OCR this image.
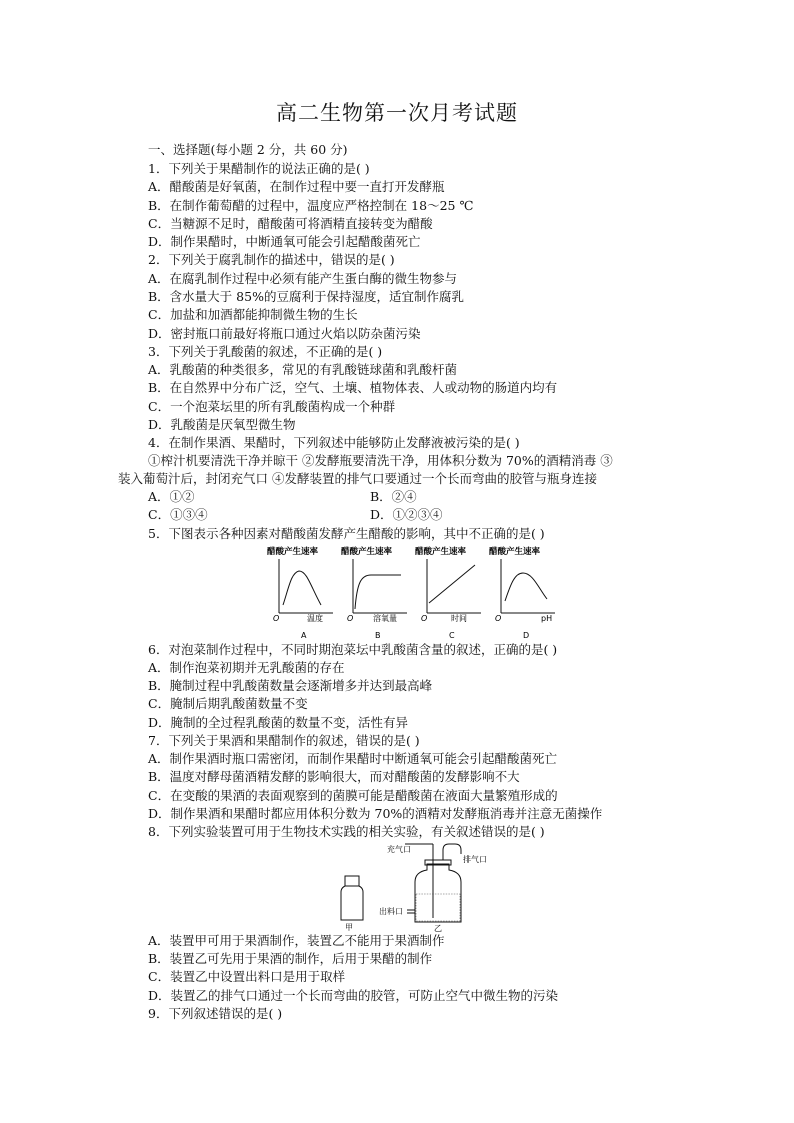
高二生物第一次月考试题
一、选择题(每小题 2 分，共 60 分)
1．下列关于果醋制作的说法正确的是( )
A．醋酸菌是好氧菌，在制作过程中要一直打开发酵瓶
B．在制作葡萄醋的过程中，温度应严格控制在 18～25 ℃
C．当糖源不足时，醋酸菌可将酒精直接转变为醋酸
D．制作果醋时，中断通氧可能会引起醋酸菌死亡
2．下列关于腐乳制作的描述中，错误的是( )
A．在腐乳制作过程中必须有能产生蛋白酶的微生物参与
B．含水量大于 85%的豆腐利于保持湿度，适宜制作腐乳
C．加盐和加酒都能抑制微生物的生长
D．密封瓶口前最好将瓶口通过火焰以防杂菌污染
3．下列关于乳酸菌的叙述，不正确的是( )
A．乳酸菌的种类很多，常见的有乳酸链球菌和乳酸杆菌
B．在自然界中分布广泛，空气、土壤、植物体表、人或动物的肠道内均有
C．一个泡菜坛里的所有乳酸菌构成一个种群
D．乳酸菌是厌氧型微生物
4．在制作果酒、果醋时，下列叙述中能够防止发酵液被污染的是( )
①榨汁机要清洗干净并晾干 ②发酵瓶要清洗干净，用体积分数为 70%的酒精消毒 ③
装入葡萄汁后，封闭充气口 ④发酵装置的排气口要通过一个长而弯曲的胶管与瓶身连接
A．①②	B．②④
C．①③④	D．①②③④
5．下图表示各种因素对醋酸菌发酵产生醋酸的影响，其中不正确的是( )
醋酸产生速率
O	温度
A
醋酸产生速率
O 溶氧量
B
醋酸产生速率
O	时间
C
醋酸产生速率
O	pH
D
6．对泡菜制作过程中，不同时期泡菜坛中乳酸菌含量的叙述，正确的是( )
A．制作泡菜初期并无乳酸菌的存在
B．腌制过程中乳酸菌数量会逐渐增多并达到最高峰
C．腌制后期乳酸菌数量不变
D．腌制的全过程乳酸菌的数量不变，活性有异
7．下列关于果酒和果醋制作的叙述，错误的是( )
A．制作果酒时瓶口需密闭，而制作果醋时中断通氧可能会引起醋酸菌死亡
B．温度对酵母菌酒精发酵的影响很大，而对醋酸菌的发酵影响不大
C．在变酸的果酒的表面观察到的菌膜可能是醋酸菌在液面大量繁殖形成的
D．制作果酒和果醋时都应用体积分数为 70%的酒精对发酵瓶消毒并注意无菌操作
8．下列实验装置可用于生物技术实践的相关实验，有关叙述错误的是( )
甲
充气口
排气口
出料口
乙
A．装置甲可用于果酒制作，装置乙不能用于果酒制作
B．装置乙可先用于果酒的制作，后用于果醋的制作
C．装置乙中设置出料口是用于取样
D．装置乙的排气口通过一个长而弯曲的胶管，可防止空气中微生物的污染
9．下列叙述错误的是( )
